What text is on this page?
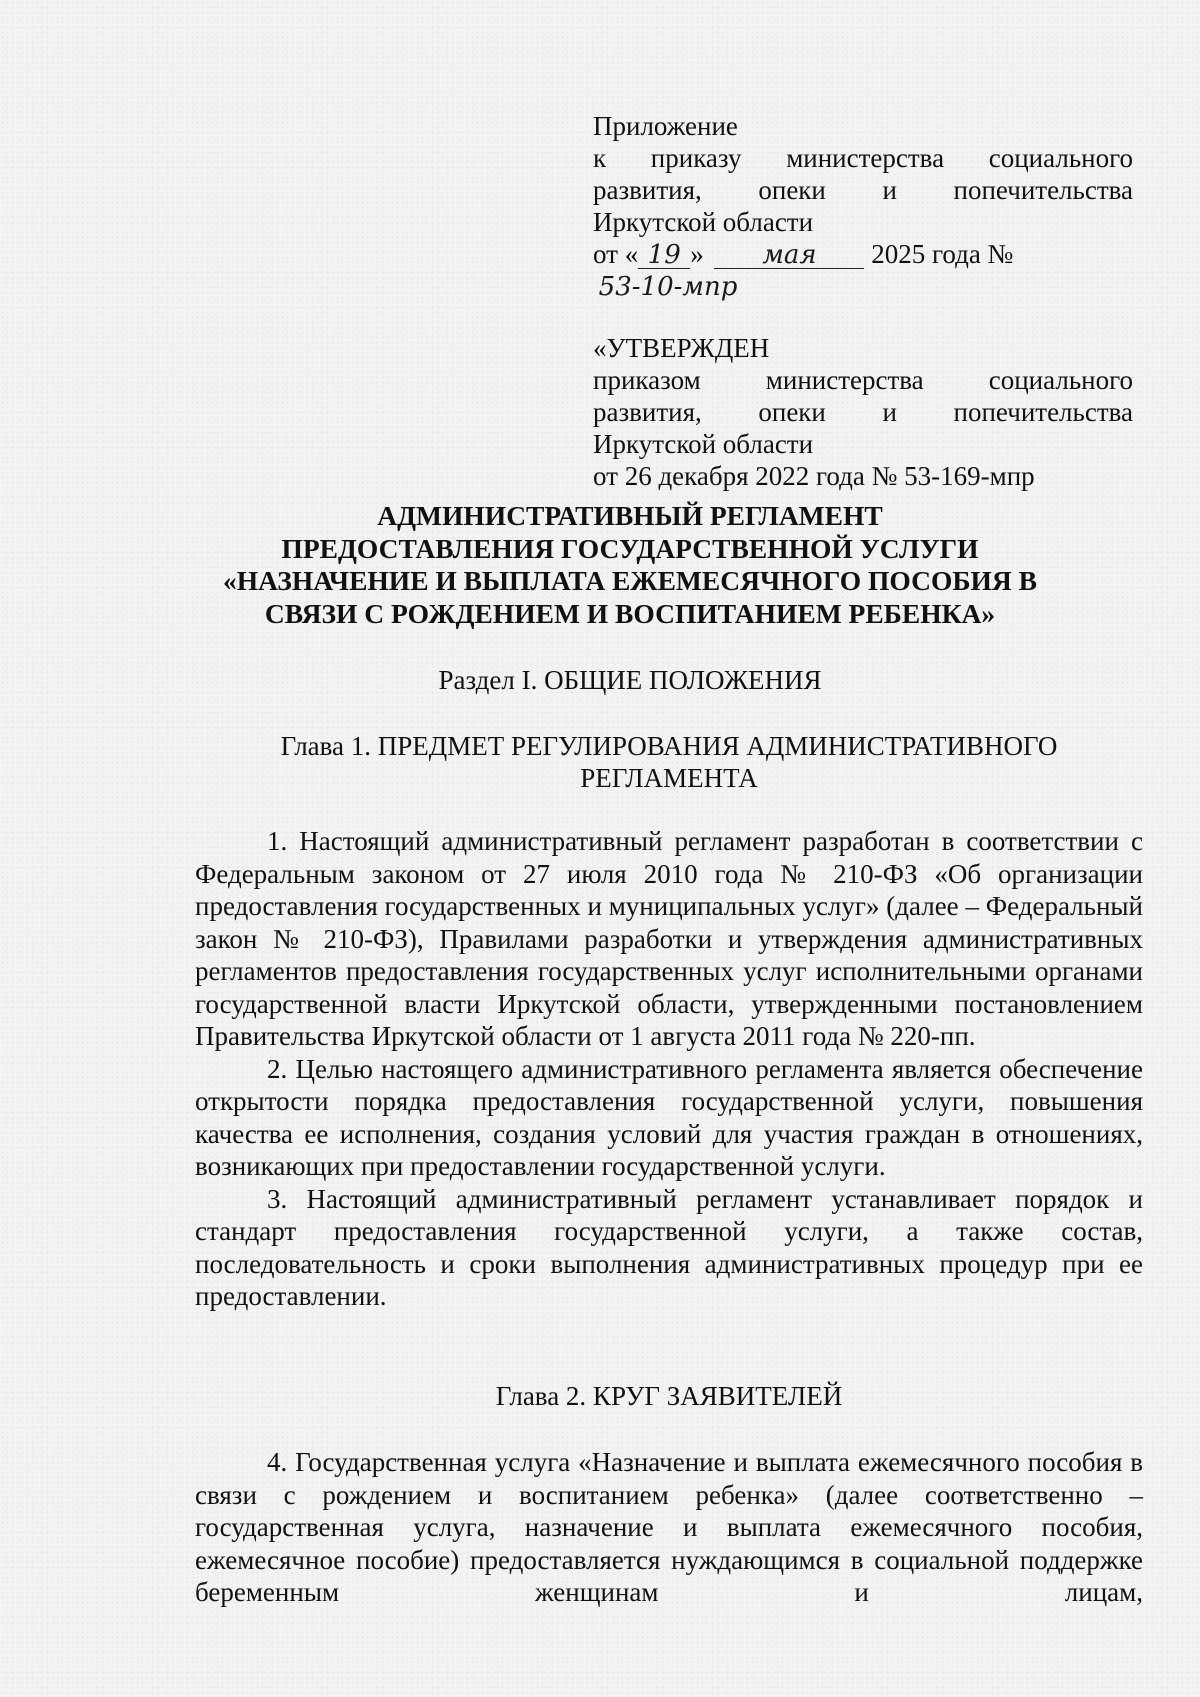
Приложение

к приказу министерства социального

развития, опеки и попечительства

Иркутской области

от « 19 » мая 2025 года №53-10-мпр

«УТВЕРЖДЕН

приказом министерства социального

развития, опеки и попечительства

Иркутской области

от 26 декабря 2022 года № 53-169-мпр

АДМИНИСТРАТИВНЫЙ РЕГЛАМЕНТ

ПРЕДОСТАВЛЕНИЯ ГОСУДАРСТВЕННОЙ УСЛУГИ

«НАЗНАЧЕНИЕ И ВЫПЛАТА ЕЖЕМЕСЯЧНОГО ПОСОБИЯ В

СВЯЗИ С РОЖДЕНИЕМ И ВОСПИТАНИЕМ РЕБЕНКА»

Раздел I. ОБЩИЕ ПОЛОЖЕНИЯ

Глава 1. ПРЕДМЕТ РЕГУЛИРОВАНИЯ АДМИНИСТРАТИВНОГО

РЕГЛАМЕНТА

1. Настоящий административный регламент разработан в соответствии с Федеральным законом от 27 июля 2010 года № 210-ФЗ «Об организации предоставления государственных и муниципальных услуг» (далее – Федеральный закон № 210-ФЗ), Правилами разработки и утверждения административных регламентов предоставления государственных услуг исполнительными органами государственной власти Иркутской области, утвержденными постановлением Правительства Иркутской области от 1 августа 2011 года № 220-пп.

2. Целью настоящего административного регламента является обеспечение открытости порядка предоставления государственной услуги, повышения качества ее исполнения, создания условий для участия граждан в отношениях, возникающих при предоставлении государственной услуги.

3. Настоящий административный регламент устанавливает порядок и стандарт предоставления государственной услуги, а также состав, последовательность и сроки выполнения административных процедур при ее предоставлении.

Глава 2. КРУГ ЗАЯВИТЕЛЕЙ

4. Государственная услуга «Назначение и выплата ежемесячного пособия в связи с рождением и воспитанием ребенка» (далее соответственно – государственная услуга, назначение и выплата ежемесячного пособия, ежемесячное пособие) предоставляется нуждающимся в социальной поддержке беременным женщинам и лицам,
